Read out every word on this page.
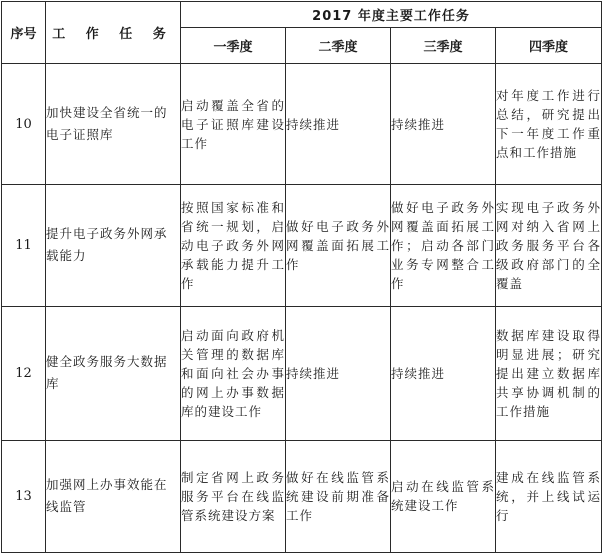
序号	工 作 任 务	2017 年度主要工作任务			
		一季度	二季度	三季度	四季度
10	加快建设全省统一的电子证照库	启动覆盖全省的电子证照库建设工作	持续推进	持续推进	对年度工作进行总结，研究提出下一年度工作重点和工作措施
11	提升电子政务外网承载能力	按照国家标准和省统一规划，启动电子政务外网承载能力提升工作	做好电子政务外网覆盖面拓展工作	做好电子政务外网覆盖面拓展工作；启动各部门业务专网整合工作	实现电子政务外网对纳入省网上政务服务平台各级政府部门的全覆盖
12	健全政务服务大数据库	启动面向政府机关管理的数据库和面向社会办事的网上办事数据库的建设工作	持续推进	持续推进	数据库建设取得明显进展；研究提出建立数据库共享协调机制的工作措施
13	加强网上办事效能在线监管	制定省网上政务服务平台在线监管系统建设方案	做好在线监管系统建设前期准备工作	启动在线监管系统建设工作	建成在线监管系统，并上线试运行
